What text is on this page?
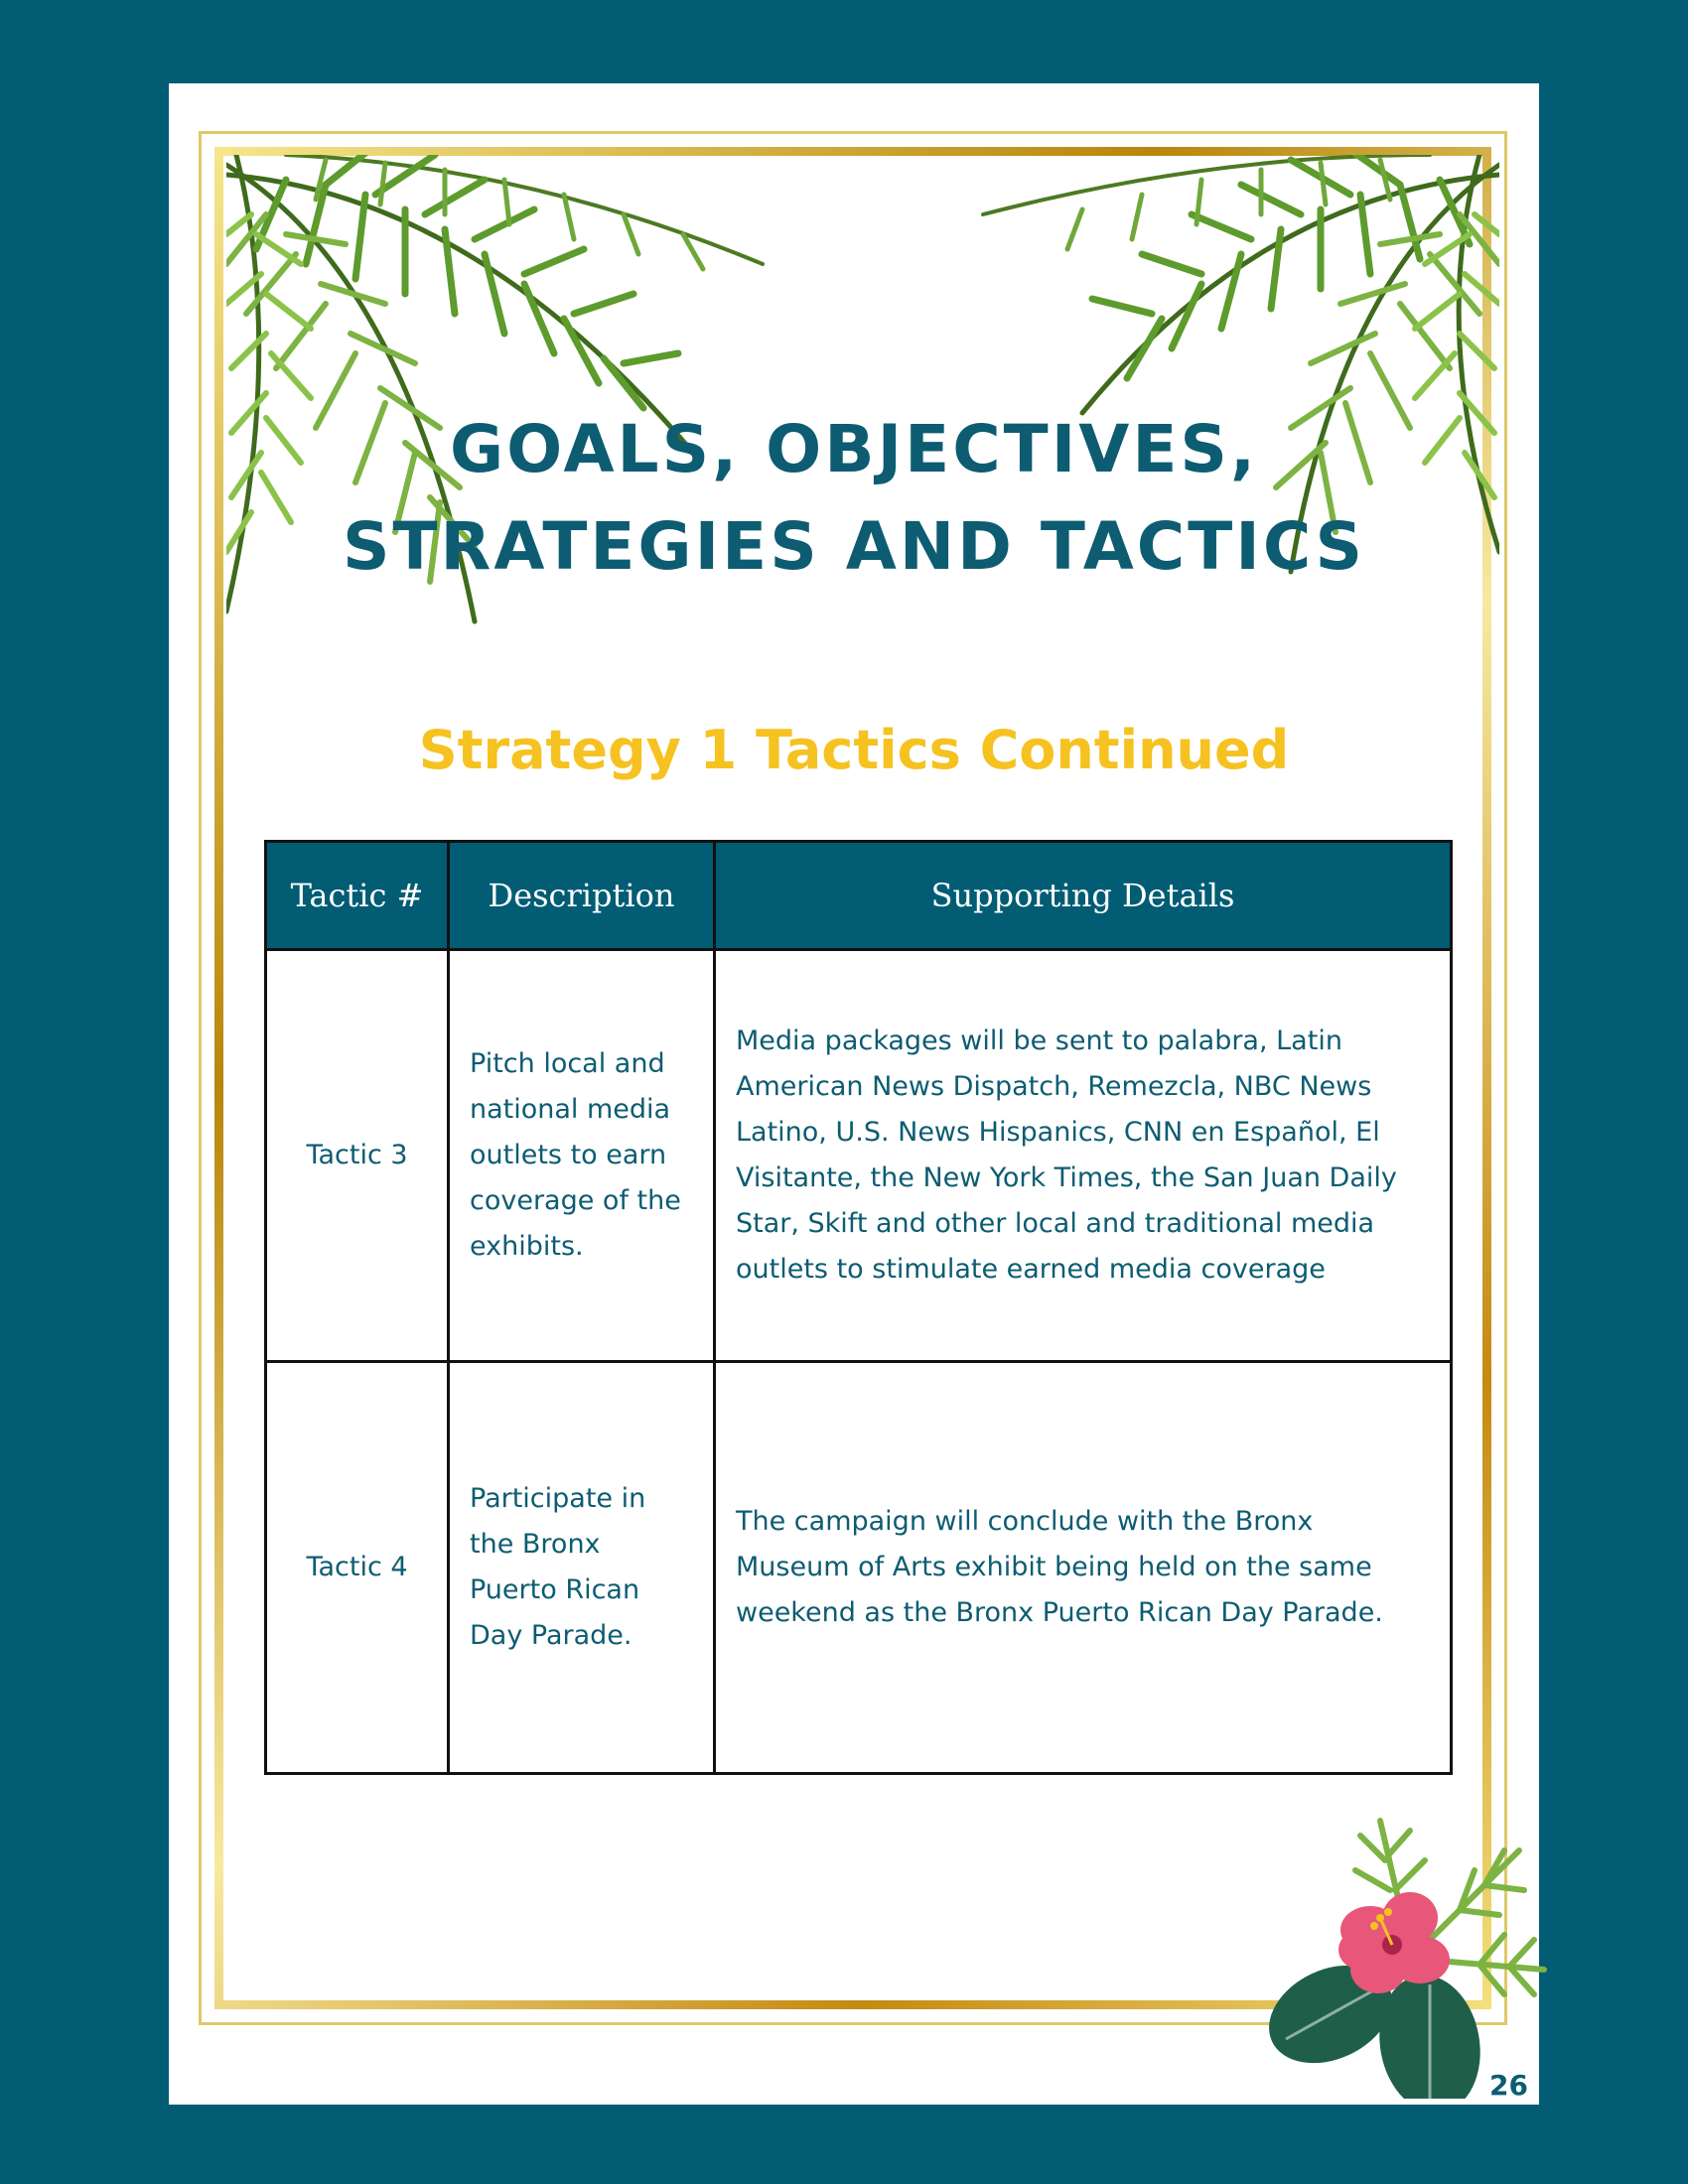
GOALS, OBJECTIVES,
STRATEGIES AND TACTICS
Strategy 1 Tactics Continued
Tactic #	Description	Supporting Details
Tactic 3	Pitch local and national media outlets to earn coverage of the exhibits.	Media packages will be sent to palabra, Latin American News Dispatch, Remezcla, NBC News Latino, U.S. News Hispanics, CNN en Español, El Visitante, the New York Times, the San Juan Daily Star, Skift and other local and traditional media outlets to stimulate earned media coverage
Tactic 4	Participate in the Bronx Puerto Rican Day Parade.	The campaign will conclude with the Bronx Museum of Arts exhibit being held on the same weekend as the Bronx Puerto Rican Day Parade.
26
